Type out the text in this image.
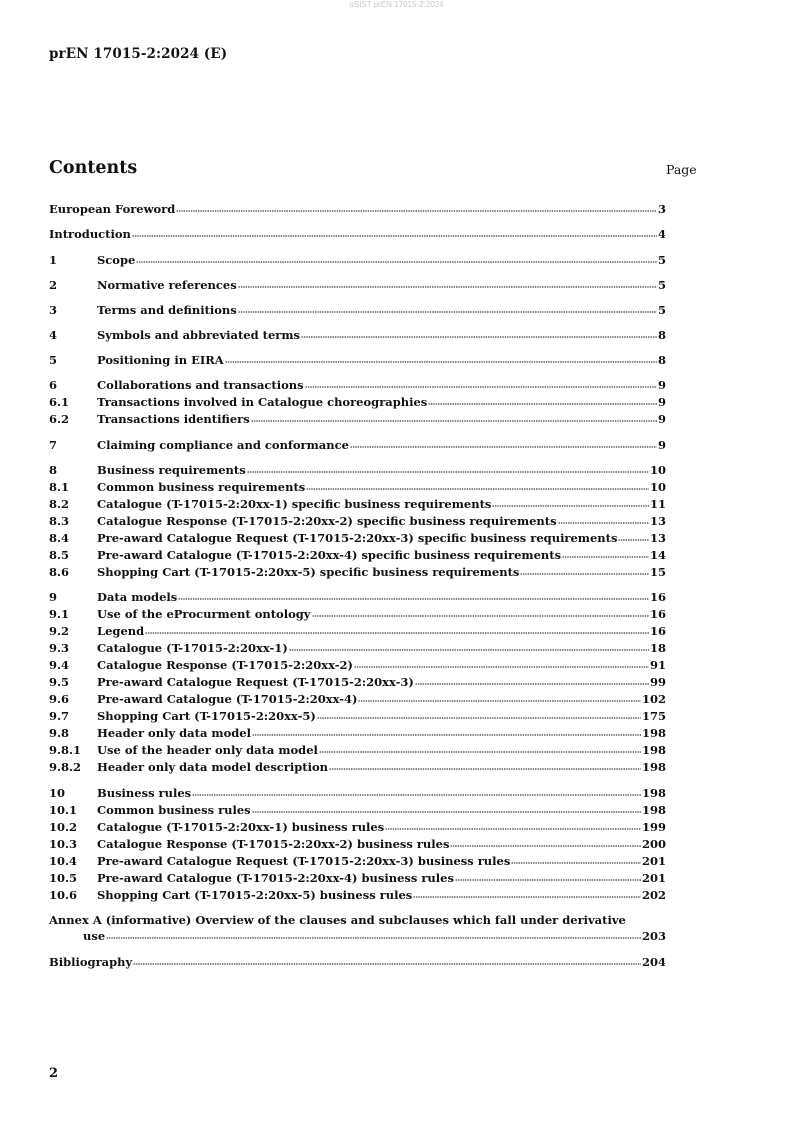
oSIST prEN 17015-2:2024
prEN 17015-2:2024 (E)
Contents	Page
European Foreword	3
Introduction	4
1	Scope	5
2	Normative references	5
3	Terms and definitions	5
4	Symbols and abbreviated terms	8
5	Positioning in EIRA	8
6	Collaborations and transactions	9
6.1	Transactions involved in Catalogue choreographies	9
6.2	Transactions identifiers	9
7	Claiming compliance and conformance	9
8	Business requirements	10
8.1	Common business requirements	10
8.2	Catalogue (T-17015-2:20xx-1) specific business requirements	11
8.3	Catalogue Response (T-17015-2:20xx-2) specific business requirements	13
8.4	Pre-award Catalogue Request (T-17015-2:20xx-3) specific business requirements	13
8.5	Pre-award Catalogue (T-17015-2:20xx-4) specific business requirements	14
8.6	Shopping Cart (T-17015-2:20xx-5) specific business requirements	15
9	Data models	16
9.1	Use of the eProcurment ontology	16
9.2	Legend	16
9.3	Catalogue (T-17015-2:20xx-1)	18
9.4	Catalogue Response (T-17015-2:20xx-2)	91
9.5	Pre-award Catalogue Request (T-17015-2:20xx-3)	99
9.6	Pre-award Catalogue (T-17015-2:20xx-4)	102
9.7	Shopping Cart (T-17015-2:20xx-5)	175
9.8	Header only data model	198
9.8.1	Use of the header only data model	198
9.8.2	Header only data model description	198
10	Business rules	198
10.1	Common business rules	198
10.2	Catalogue (T-17015-2:20xx-1) business rules	199
10.3	Catalogue Response (T-17015-2:20xx-2) business rules	200
10.4	Pre-award Catalogue Request (T-17015-2:20xx-3) business rules	201
10.5	Pre-award Catalogue (T-17015-2:20xx-4) business rules	201
10.6	Shopping Cart (T-17015-2:20xx-5) business rules	202
Annex A (informative) Overview of the clauses and subclauses which fall under derivative
use	203
Bibliography	204
2
